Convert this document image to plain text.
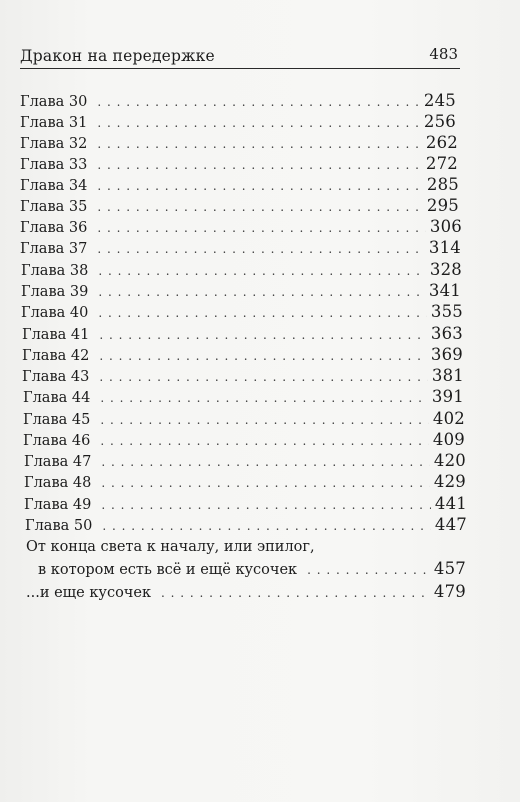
Дракон на передержке	483
Глава 30 . . .	245
Глава 31 . . .	256
Глава 32 . . .	262
Глава 33 . . .	272
Глава 34 . . .	285
Глава 35 . . .	295
Глава 36 . . .	306
Глава 37 . . .	314
Глава 38 . . .	328
Глава 39 . . .	341
Глава 40 . . .	355
Глава 41 . . .	363
Глава 42 . . .	369
Глава 43 . . .	381
Глава 44 . . .	391
Глава 45 . . .	402
Глава 46 . . .	409
Глава 47 . . .	420
Глава 48 . . .	429
Глава 49 . . .	441
Глава 50 . . .	447
От конца света к началу, или эпилог,
в котором есть всё и ещё кусочек . . .	457
...и еще кусочек . . .	479
